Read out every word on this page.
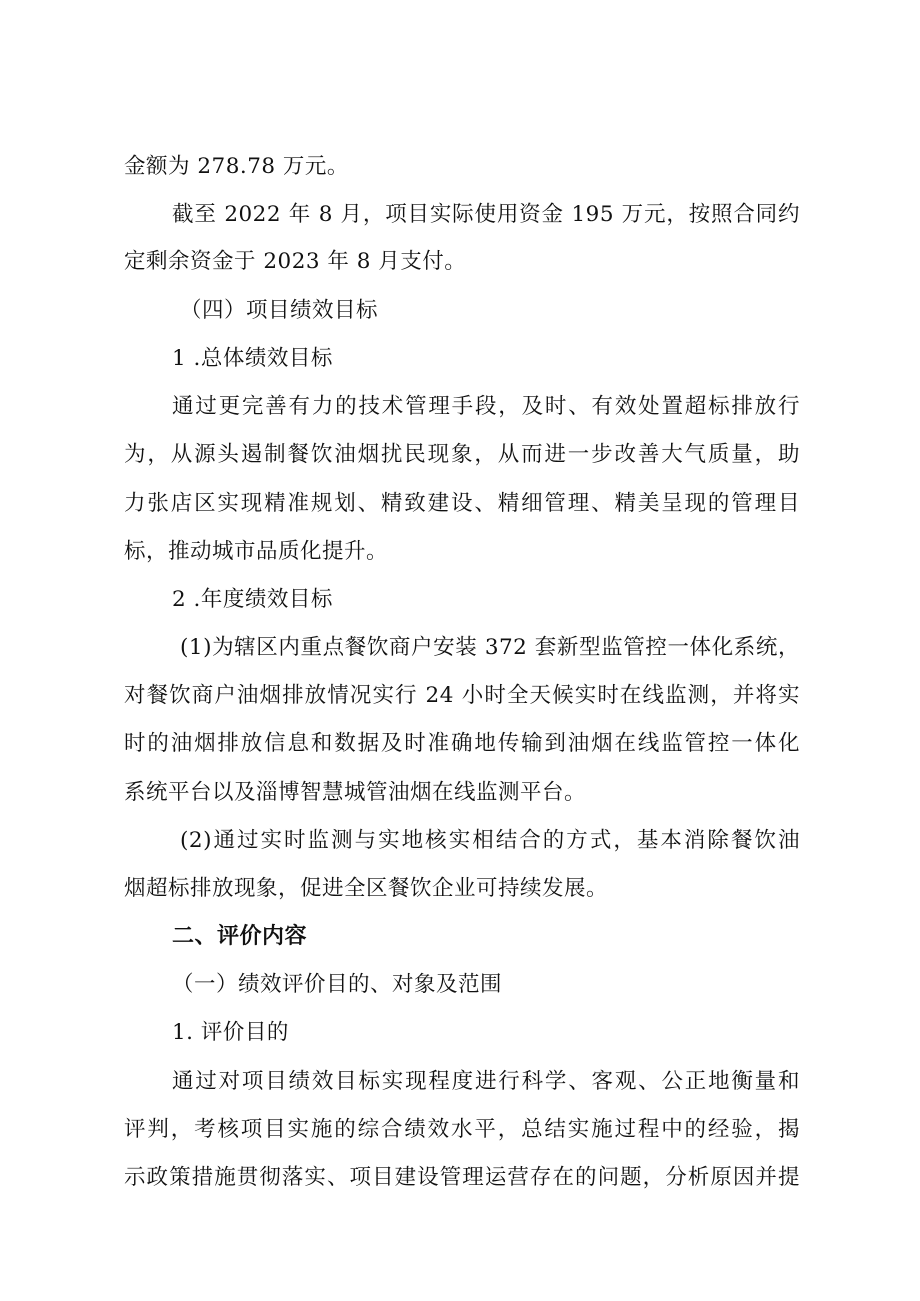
金额为 278.78 万元。
截至 2022 年 8 月，项目实际使用资金 195 万元，按照合同约
定剩余资金于 2023 年 8 月支付。
（四）项目绩效目标
1 .总体绩效目标
通过更完善有力的技术管理手段，及时、有效处置超标排放行
为，从源头遏制餐饮油烟扰民现象，从而进一步改善大气质量，助
力张店区实现精准规划、精致建设、精细管理、精美呈现的管理目
标，推动城市品质化提升。
2 .年度绩效目标
(1)为辖区内重点餐饮商户安装 372 套新型监管控一体化系统，
对餐饮商户油烟排放情况实行 24 小时全天候实时在线监测，并将实
时的油烟排放信息和数据及时准确地传输到油烟在线监管控一体化
系统平台以及淄博智慧城管油烟在线监测平台。
(2)通过实时监测与实地核实相结合的方式，基本消除餐饮油
烟超标排放现象，促进全区餐饮企业可持续发展。
二、评价内容
（一）绩效评价目的、对象及范围
1. 评价目的
通过对项目绩效目标实现程度进行科学、客观、公正地衡量和
评判，考核项目实施的综合绩效水平，总结实施过程中的经验，揭
示政策措施贯彻落实、项目建设管理运营存在的问题，分析原因并提
